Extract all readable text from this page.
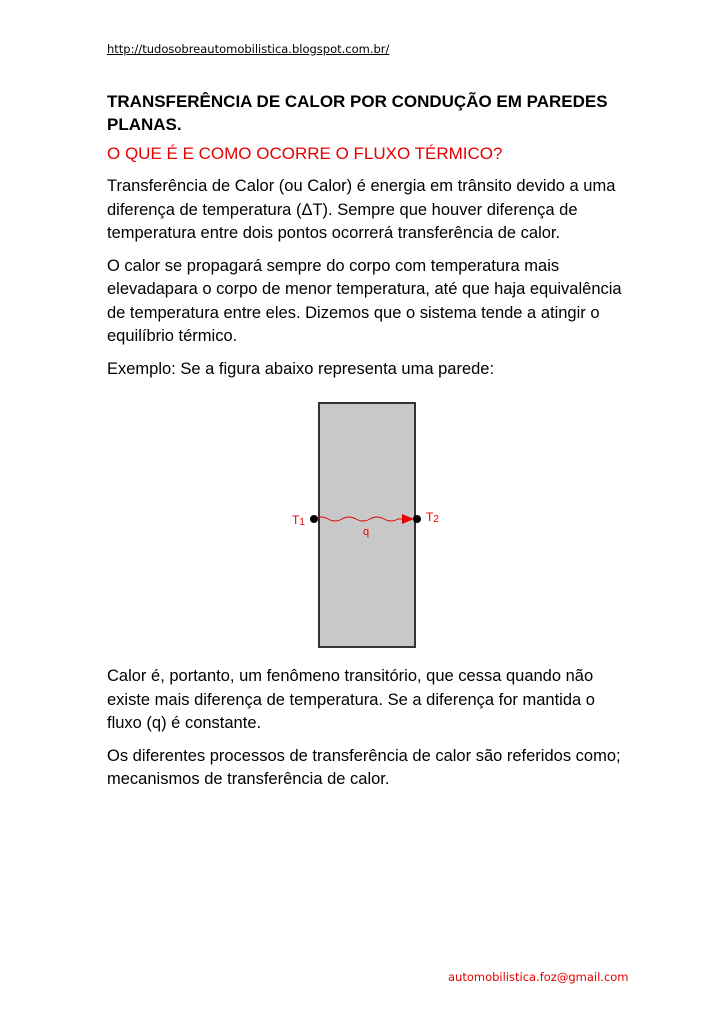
http://tudosobreautomobilistica.blogspot.com.br/
TRANSFERÊNCIA DE CALOR POR CONDUÇÃO EM PAREDES PLANAS.
O QUE É E COMO OCORRE O FLUXO TÉRMICO?

Transferência de Calor (ou Calor) é energia em trânsito devido a uma diferença de temperatura (ΔT). Sempre que houver diferença de temperatura entre dois pontos ocorrerá transferência de calor.

O calor se propagará sempre do corpo com temperatura mais elevadapara o corpo de menor temperatura, até que haja equivalência de temperatura entre eles. Dizemos que o sistema tende a atingir o equilíbrio térmico.

Exemplo: Se a figura abaixo representa uma parede:

T1	T2
q

Calor é, portanto, um fenômeno transitório, que cessa quando não existe mais diferença de temperatura. Se a diferença for mantida o fluxo (q) é constante.

Os diferentes processos de transferência de calor são referidos como; mecanismos de transferência de calor.

automobilistica.foz@gmail.com
